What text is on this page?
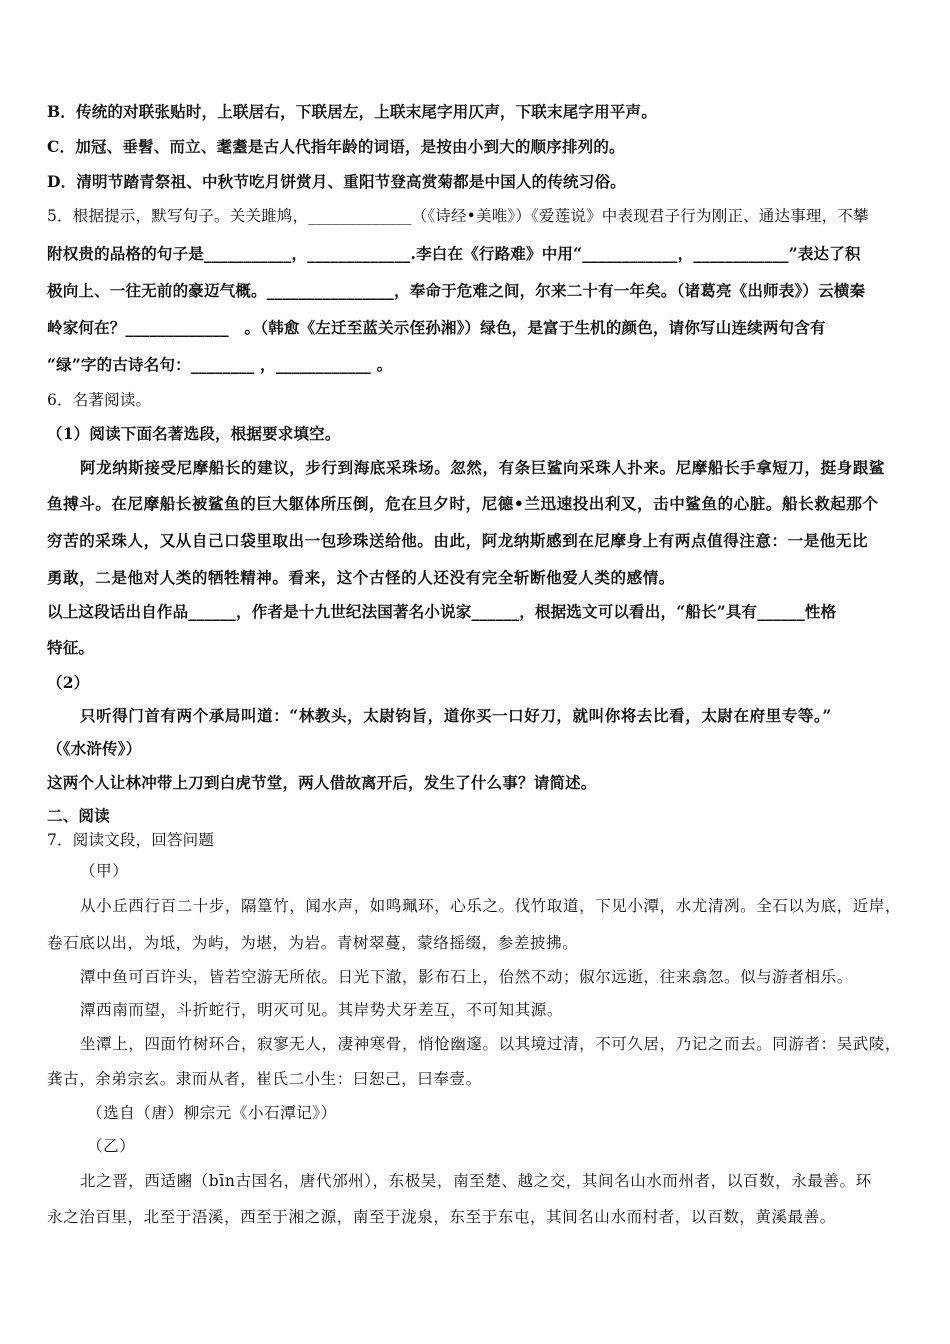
B．传统的对联张贴时，上联居右，下联居左，上联末尾字用仄声，下联末尾字用平声。
C．加冠、垂髫、而立、耄耋是古人代指年龄的词语，是按由小到大的顺序排列的。
D．清明节踏青祭祖、中秋节吃月饼赏月、重阳节登高赏菊都是中国人的传统习俗。
5．根据提示，默写句子。关关雎鸠，_____________（《诗经•美唯》）《爱莲说》中表现君子行为刚正、通达事理，不攀
附权贵的品格的句子是___________，_____________.李白在《行路难》中用“____________，____________”表达了积
极向上、一往无前的豪迈气概。________________，奉命于危难之间，尔来二十有一年矣。（诸葛亮《出师表》）云横秦
岭家何在？_____________　。（韩愈《左迁至蓝关示侄孙湘》）绿色，是富于生机的颜色，请你写山连续两句含有
“绿”字的古诗名句：________ ，____________ 。
6．名著阅读。
（1）阅读下面名著选段，根据要求填空。
阿龙纳斯接受尼摩船长的建议，步行到海底采珠场。忽然，有条巨鲨向采珠人扑来。尼摩船长手拿短刀，挺身跟鲨
鱼搏斗。在尼摩船长被鲨鱼的巨大躯体所压倒，危在旦夕时，尼德•兰迅速投出利叉，击中鲨鱼的心脏。船长救起那个
穷苦的采珠人，又从自己口袋里取出一包珍珠送给他。由此，阿龙纳斯感到在尼摩身上有两点值得注意：一是他无比
勇敢，二是他对人类的牺牲精神。看来，这个古怪的人还没有完全斩断他爱人类的感情。
以上这段话出自作品______，作者是十九世纪法国著名小说家______，根据选文可以看出，“船长”具有______性格
特征。
（2）
只听得门首有两个承局叫道：“林教头，太尉钧旨，道你买一口好刀，就叫你将去比看，太尉在府里专等。”
（《水浒传》）
这两个人让林冲带上刀到白虎节堂，两人借故离开后，发生了什么事？请简述。
二、阅读
7．阅读文段，回答问题
（甲）
从小丘西行百二十步，隔篁竹，闻水声，如鸣珮环，心乐之。伐竹取道，下见小潭，水尤清冽。全石以为底，近岸，
卷石底以出，为坻，为屿，为堪，为岩。青树翠蔓，蒙络摇缀，参差披拂。
潭中鱼可百许头，皆若空游无所依。日光下澈，影布石上，佁然不动；俶尔远逝，往来翕忽。似与游者相乐。
潭西南而望，斗折蛇行，明灭可见。其岸势犬牙差互，不可知其源。
坐潭上，四面竹树环合，寂寥无人，凄神寒骨，悄怆幽邃。以其境过清，不可久居，乃记之而去。同游者：吴武陵，
龚古，余弟宗玄。隶而从者，崔氏二小生：曰恕己，曰奉壹。
（选自（唐）柳宗元《小石潭记》）
（乙）
北之晋，西适豳（bīn古国名，唐代邠州），东极吴，南至楚、越之交，其间名山水而州者，以百数，永最善。环
永之治百里，北至于浯溪，西至于湘之源，南至于泷泉，东至于东屯，其间名山水而村者，以百数，黄溪最善。
